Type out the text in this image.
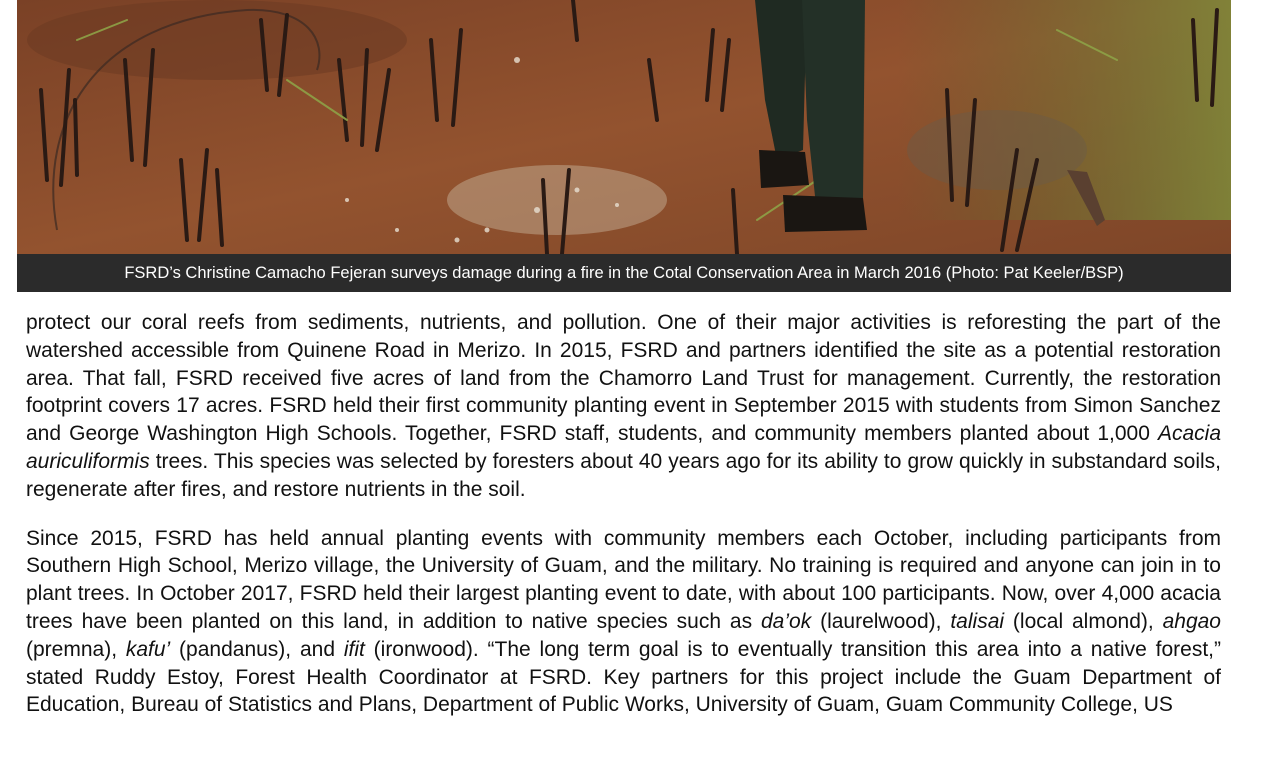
FSRD’s Christine Camacho Fejeran surveys damage during a fire in the Cotal Conservation Area in March 2016 (Photo: Pat Keeler/BSP)

protect our coral reefs from sediments, nutrients, and pollution. One of their major activities is reforesting the part of the watershed accessible from Quinene Road in Merizo. In 2015, FSRD and partners identified the site as a potential restoration area. That fall, FSRD received five acres of land from the Chamorro Land Trust for management. Currently, the restoration footprint covers 17 acres. FSRD held their first community planting event in September 2015 with students from Simon Sanchez and George Washington High Schools. Together, FSRD staff, students, and community members planted about 1,000 Acacia auriculiformis trees. This species was selected by foresters about 40 years ago for its ability to grow quickly in substandard soils, regenerate after fires, and restore nutrients in the soil.

Since 2015, FSRD has held annual planting events with community members each October, including participants from Southern High School, Merizo village, the University of Guam, and the military. No training is required and anyone can join in to plant trees. In October 2017, FSRD held their largest planting event to date, with about 100 participants. Now, over 4,000 acacia trees have been planted on this land, in addition to native species such as da’ok (laurelwood), talisai (local almond), ahgao (premna), kafu’ (pandanus), and ifit (ironwood). “The long term goal is to eventually transition this area into a native forest,” stated Ruddy Estoy, Forest Health Coordinator at FSRD. Key partners for this project include the Guam Department of Education, Bureau of Statistics and Plans, Department of Public Works, University of Guam, Guam Community College, US
